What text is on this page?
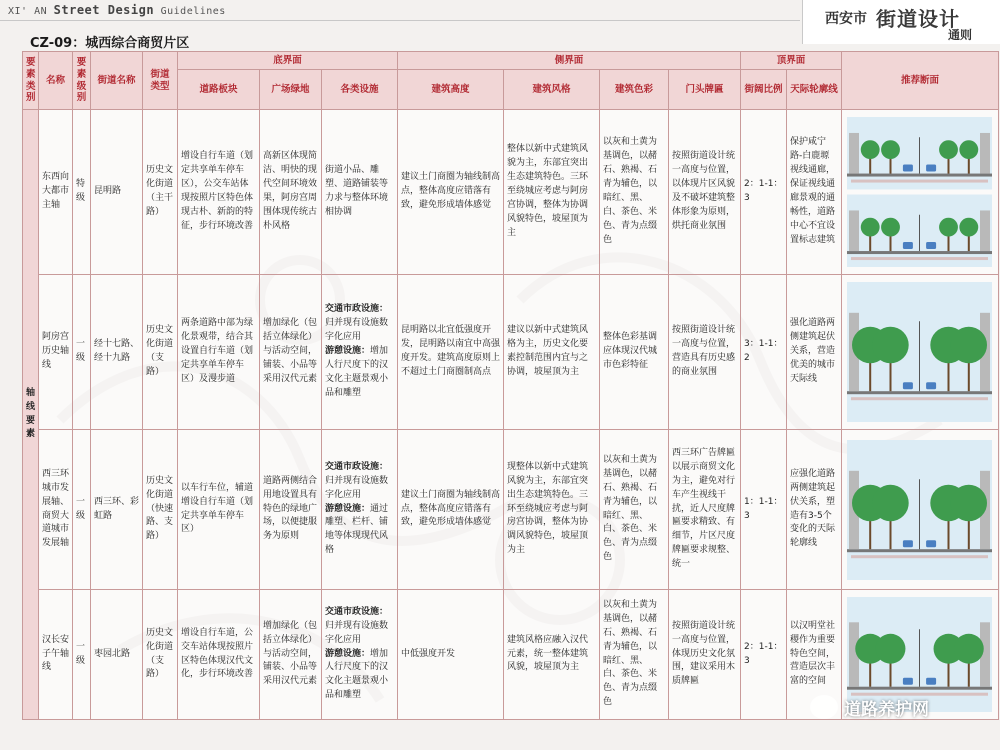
XI' AN Street Design Guidelines	西安市 街道设计
通则
CZ-09：城西综合商贸片区
要素类别	名称	要素级别	街道名称	街道类型	底界面			侧界面				顶界面		推荐断面
					道路板块	广场绿地	各类设施	建筑高度	建筑风格	建筑色彩	门头牌匾	街阔比例	天际轮廓线	
轴线要素	东西向大都市主轴	特级	昆明路	历史文化街道（主干路）	增设自行车道（划定共享单车停车区），公交车站体现按照片区特色体现古朴、新韵的特征，步行环境改善	高新区体现简洁、明快的现代空间环境效果，阿房宫周围体现传统古朴风格	街道小品、雕塑、道路铺装等力求与整体环境相协调	建议土门商圈为轴线制高点，整体高度应错落有致，避免形成墙体感觉	整体以新中式建筑风貌为主，东部宜突出生态建筑特色。三环至绕城应考虑与阿房宫协调，整体为协调风貌特色，坡屋顶为主	以灰和土黄为基调色，以赭石、熟褐、石青为辅色，以暗红、黑、白、茶色、米色、青为点缀色	按照街道设计统一高度与位置，以体现片区风貌及不破坏建筑整体形象为原则，烘托商业氛围	2：1-1：3	保护咸宁路-白鹿塬视线通廊，保证视线通廊景观的通畅性，道路中心不宜设置标志建筑	

	阿房宫历史轴线	一级	经十七路、经十九路	历史文化街道（支路）	两条道路中部为绿化景观带，结合其设置自行车道（划定共享单车停车区）及漫步道	增加绿化（包括立体绿化）与活动空间，铺装、小品等采用汉代元素	交通市政设施：归并现有设施数字化应用
游憩设施：增加人行尺度下的汉文化主题景观小品和雕塑	昆明路以北宜低强度开发，昆明路以南宜中高强度开发。建筑高度原则上不超过土门商圈制高点	建议以新中式建筑风格为主，历史文化要素控制范围内宜与之协调，坡屋顶为主	整体色彩基调应体现汉代城市色彩特征	按照街道设计统一高度与位置，营造具有历史感的商业氛围	3：1-1：2	强化道路两侧建筑起伏关系，营造优美的城市天际线	

	西三环城市发展轴、商贸大道城市发展轴	一级	西三环、彩虹路	历史文化街道（快速路、支路）	以车行车位，辅道增设自行车道（划定共享单车停车区）	道路两侧结合用地设置具有特色的绿地广场，以便捷服务为原则	交通市政设施：归并现有设施数字化应用
游憩设施：通过雕塑、栏杆、铺地等体现现代风格	建议土门商圈为轴线制高点，整体高度应错落有致，避免形成墙体感觉	现整体以新中式建筑风貌为主，东部宜突出生态建筑特色。三环至绕城应考虑与阿房宫协调，整体为协调风貌特色，坡屋顶为主	以灰和土黄为基调色，以赭石、熟褐、石青为辅色，以暗红、黑、白、茶色、米色、青为点缀色	西三环广告牌匾以展示商贸文化为主，避免对行车产生视线干扰，近人尺度牌匾要求精致、有细节，片区尺度牌匾要求规整、统一	1：1-1：3	应强化道路两侧建筑起伏关系，塑造有3-5个变化的天际轮廓线	

	汉长安子午轴线	一级	枣园北路	历史文化街道（支路）	增设自行车道，公交车站体现按照片区特色体现汉代文化，步行环境改善	增加绿化（包括立体绿化）与活动空间，铺装、小品等采用汉代元素	交通市政设施：归并现有设施数字化应用
游憩设施：增加人行尺度下的汉文化主题景观小品和雕塑	中低强度开发	建筑风格应融入汉代元素，统一整体建筑风貌，坡屋顶为主	以灰和土黄为基调色，以赭石、熟褐、石青为辅色，以暗红、黑、白、茶色、米色、青为点缀色	按照街道设计统一高度与位置，体现历史文化氛围，建议采用木质牌匾	2：1-1：3	以汉明堂社稷作为重要特色空间，营造层次丰富的空间	
道路养护网
